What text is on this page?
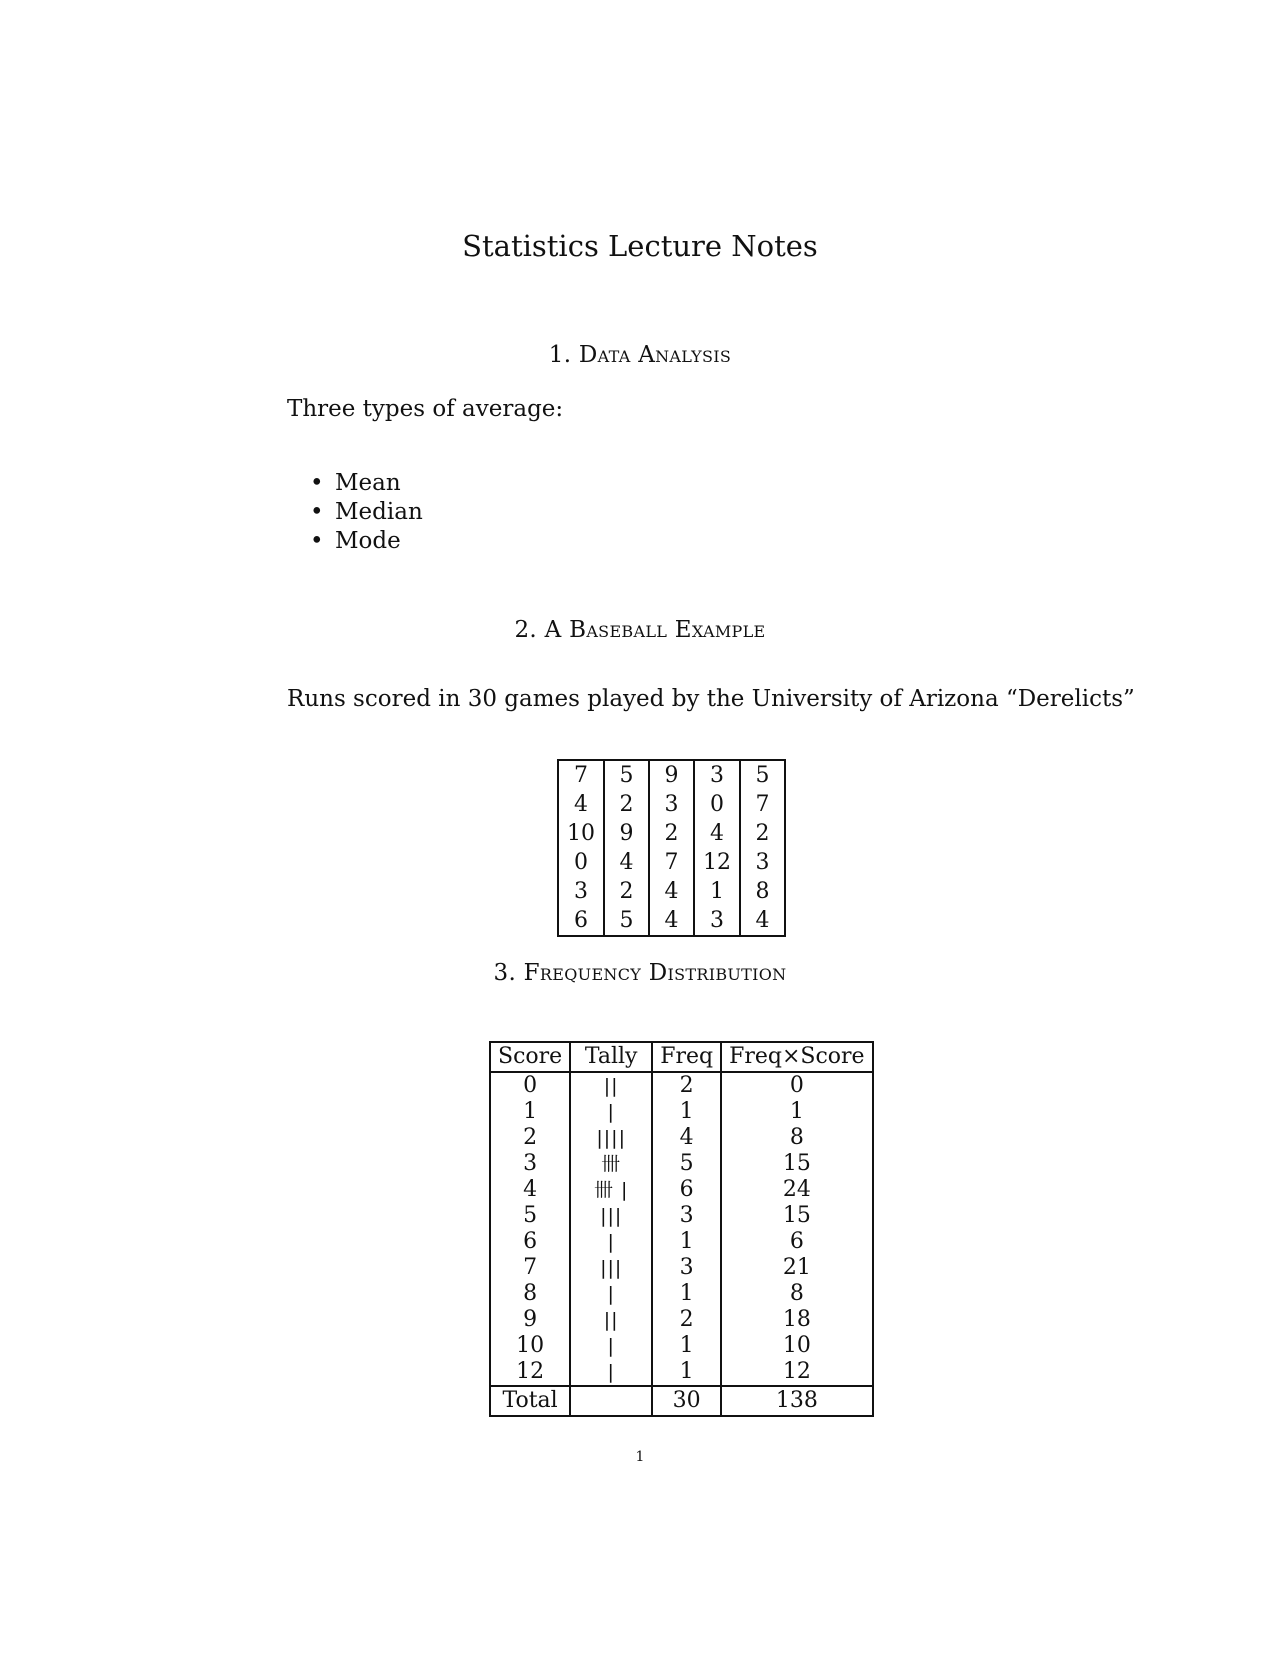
Statistics Lecture Notes
1. Data Analysis
Three types of average:
• Mean
• Median
• Mode
2. A Baseball Example
Runs scored in 30 games played by the University of Arizona “Derelicts”
7	5	9	3	5
4	2	3	0	7
10	9	2	4	2
0	4	7	12	3
3	2	4	1	8
6	5	4	3	4
3. Frequency Distribution
Score	Tally	Freq	Freq×Score
0	||	2	0
1	|	1	1
2	||||	4	8
3	卌	5	15
4	卌 |	6	24
5	|||	3	15
6	|	1	6
7	|||	3	21
8	|	1	8
9	||	2	18
10	|	1	10
12	|	1	12
Total		30	138
1
